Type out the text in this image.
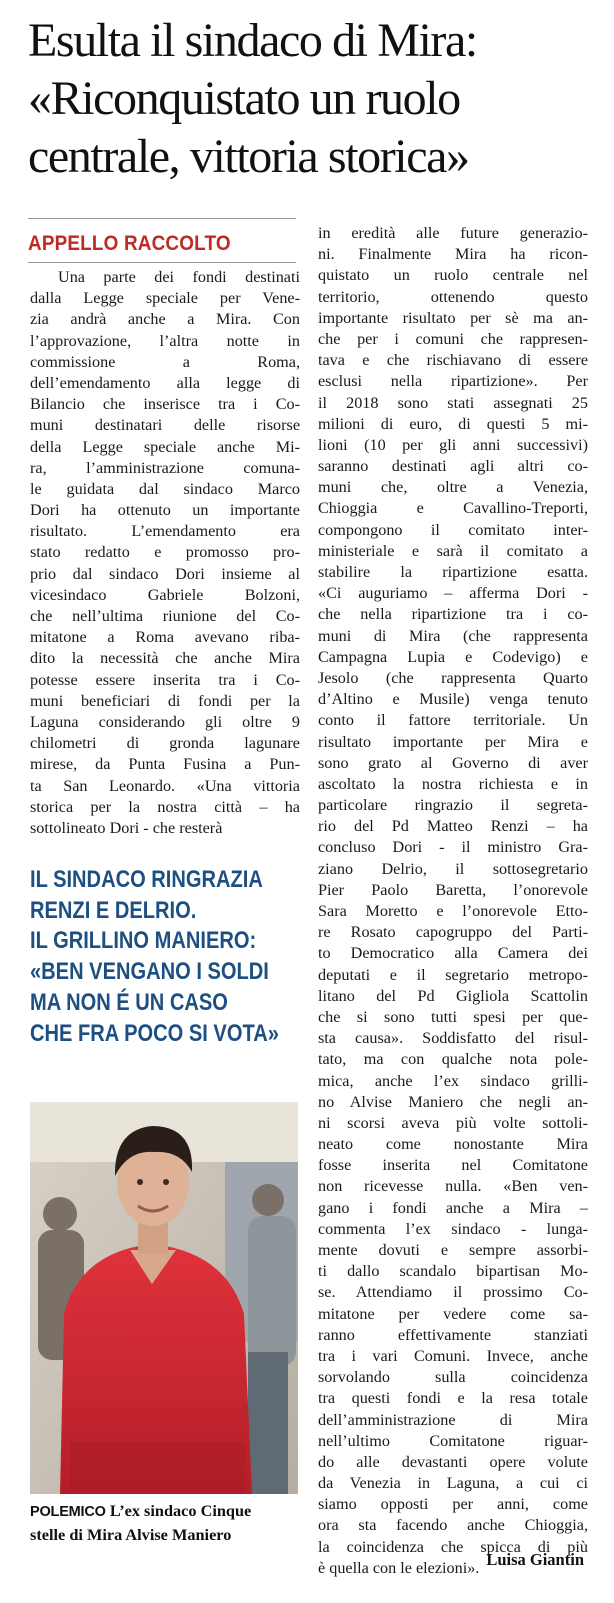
Esulta il sindaco di Mira:
«Riconquistato un ruolo
centrale, vittoria storica»
APPELLO RACCOLTO
Una parte dei fondi destinati
dalla Legge speciale per Vene-
zia andrà anche a Mira. Con
l’approvazione, l’altra notte in
commissione a Roma,
dell’emendamento alla legge di
Bilancio che inserisce tra i Co-
muni destinatari delle risorse
della Legge speciale anche Mi-
ra, l’amministrazione comuna-
le guidata dal sindaco Marco
Dori ha ottenuto un importante
risultato. L’emendamento era
stato redatto e promosso pro-
prio dal sindaco Dori insieme al
vicesindaco Gabriele Bolzoni,
che nell’ultima riunione del Co-
mitatone a Roma avevano riba-
dito la necessità che anche Mira
potesse essere inserita tra i Co-
muni beneficiari di fondi per la
Laguna considerando gli oltre 9
chilometri di gronda lagunare
mirese, da Punta Fusina a Pun-
ta San Leonardo. «Una vittoria
storica per la nostra città – ha
sottolineato Dori - che resterà
IL SINDACO RINGRAZIA
RENZI E DELRIO.
IL GRILLINO MANIERO:
«BEN VENGANO I SOLDI
MA NON É UN CASO
CHE FRA POCO SI VOTA»
POLEMICO L’ex sindaco Cinque
stelle di Mira Alvise Maniero
in eredità alle future generazio-
ni. Finalmente Mira ha ricon-
quistato un ruolo centrale nel
territorio, ottenendo questo
importante risultato per sè ma an-
che per i comuni che rappresen-
tava e che rischiavano di essere
esclusi nella ripartizione». Per
il 2018 sono stati assegnati 25
milioni di euro, di questi 5 mi-
lioni (10 per gli anni successivi)
saranno destinati agli altri co-
muni che, oltre a Venezia,
Chioggia e Cavallino-Treporti,
compongono il comitato inter-
ministeriale e sarà il comitato a
stabilire la ripartizione esatta.
«Ci auguriamo – afferma Dori -
che nella ripartizione tra i co-
muni di Mira (che rappresenta
Campagna Lupia e Codevigo) e
Jesolo (che rappresenta Quarto
d’Altino e Musile) venga tenuto
conto il fattore territoriale. Un
risultato importante per Mira e
sono grato al Governo di aver
ascoltato la nostra richiesta e in
particolare ringrazio il segreta-
rio del Pd Matteo Renzi – ha
concluso Dori - il ministro Gra-
ziano Delrio, il sottosegretario
Pier Paolo Baretta, l’onorevole
Sara Moretto e l’onorevole Etto-
re Rosato capogruppo del Parti-
to Democratico alla Camera dei
deputati e il segretario metropo-
litano del Pd Gigliola Scattolin
che si sono tutti spesi per que-
sta causa». Soddisfatto del risul-
tato, ma con qualche nota pole-
mica, anche l’ex sindaco grilli-
no Alvise Maniero che negli an-
ni scorsi aveva più volte sottoli-
neato come nonostante Mira
fosse inserita nel Comitatone
non ricevesse nulla. «Ben ven-
gano i fondi anche a Mira –
commenta l’ex sindaco - lunga-
mente dovuti e sempre assorbi-
ti dallo scandalo bipartisan Mo-
se. Attendiamo il prossimo Co-
mitatone per vedere come sa-
ranno effettivamente stanziati
tra i vari Comuni. Invece, anche
sorvolando sulla coincidenza
tra questi fondi e la resa totale
dell’amministrazione di Mira
nell’ultimo Comitatone riguar-
do alle devastanti opere volute
da Venezia in Laguna, a cui ci
siamo opposti per anni, come
ora sta facendo anche Chioggia,
la coincidenza che spicca di più
è quella con le elezioni». Luisa Giantin
